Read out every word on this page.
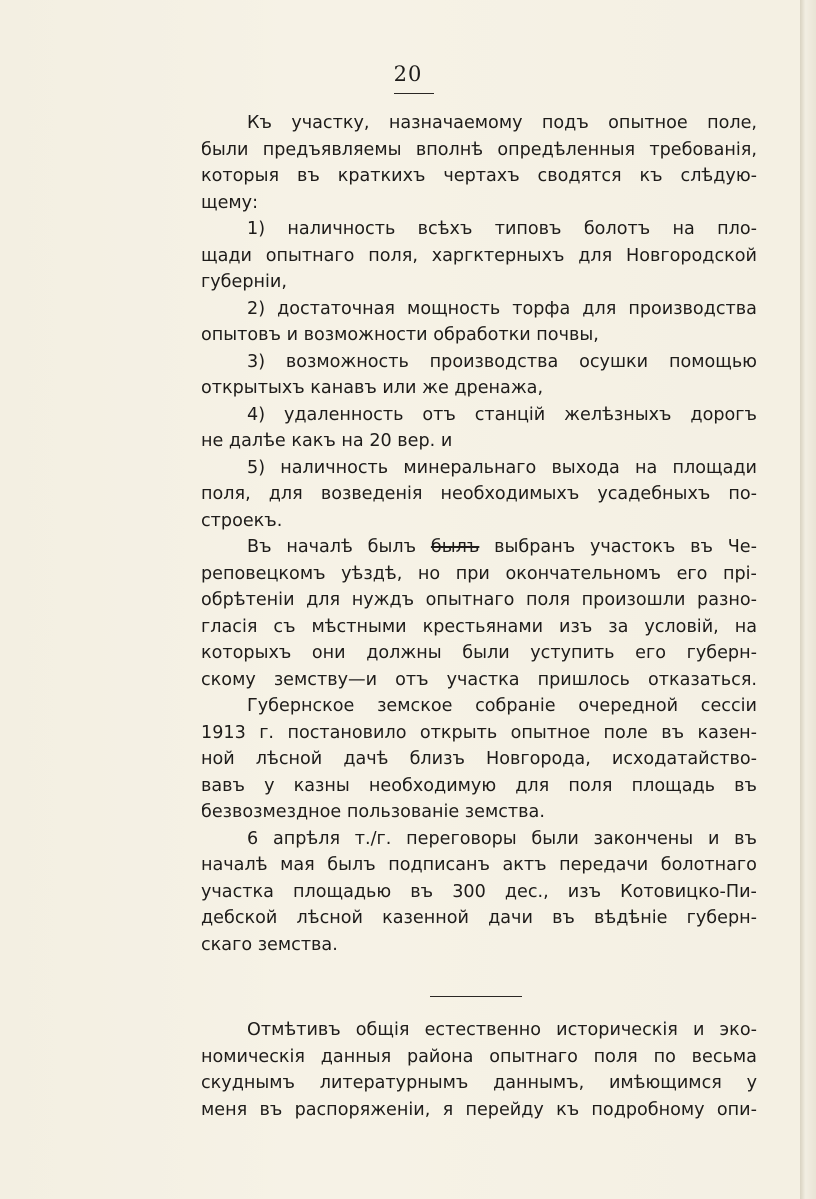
20
Къ участку, назначаемому подъ опытное поле,
были предъявляемы вполнѣ опредѣленныя требованія,
которыя въ краткихъ чертахъ сводятся къ слѣдую-
щему:
1) наличность всѣхъ типовъ болотъ на пло-
щади опытнаго поля, харгктерныхъ для Новгородской
губерніи,
2) достаточная мощность торфа для производства
опытовъ
и
возможности
обработки
почвы,
3) возможность производства осушки помощью
открытыхъ
канавъ
или
же
дренажа,
4) удаленность отъ станцій желѣзныхъ дорогъ
не
далѣе
какъ
на
20
вер.
и
5) наличность минеральнаго выхода на площади
поля, для возведенія необходимыхъ усадебныхъ по-
строекъ.
Въ началѣ былъ былъ выбранъ участокъ въ Че-
реповецкомъ уѣздѣ, но при окончательномъ его прі-
обрѣтеніи для нуждъ опытнаго поля произошли разно-
гласія съ мѣстными крестьянами изъ за условій, на
которыхъ они должны были уступить его губерн-
скому земству—и отъ участка пришлось отказаться.
Губернское земское собраніе очередной сессіи
1913 г. постановило открыть опытное поле въ казен-
ной лѣсной дачѣ близъ Новгорода, исходатайство-
вавъ у казны необходимую для поля площадь въ
безвозмездное
пользованіе
земства.
6 апрѣля т./г. переговоры были закончены и въ
началѣ мая былъ подписанъ актъ передачи болотнаго
участка площадью въ 300 дес., изъ Котовицко-Пи-
дебской лѣсной казенной дачи въ вѣдѣніе губерн-
скаго
земства.
Отмѣтивъ общія естественно историческія и эко-
номическія данныя района опытнаго поля по весьма
скуднымъ литературнымъ даннымъ, имѣющимся у
меня въ распоряженіи, я перейду къ подробному опи-
